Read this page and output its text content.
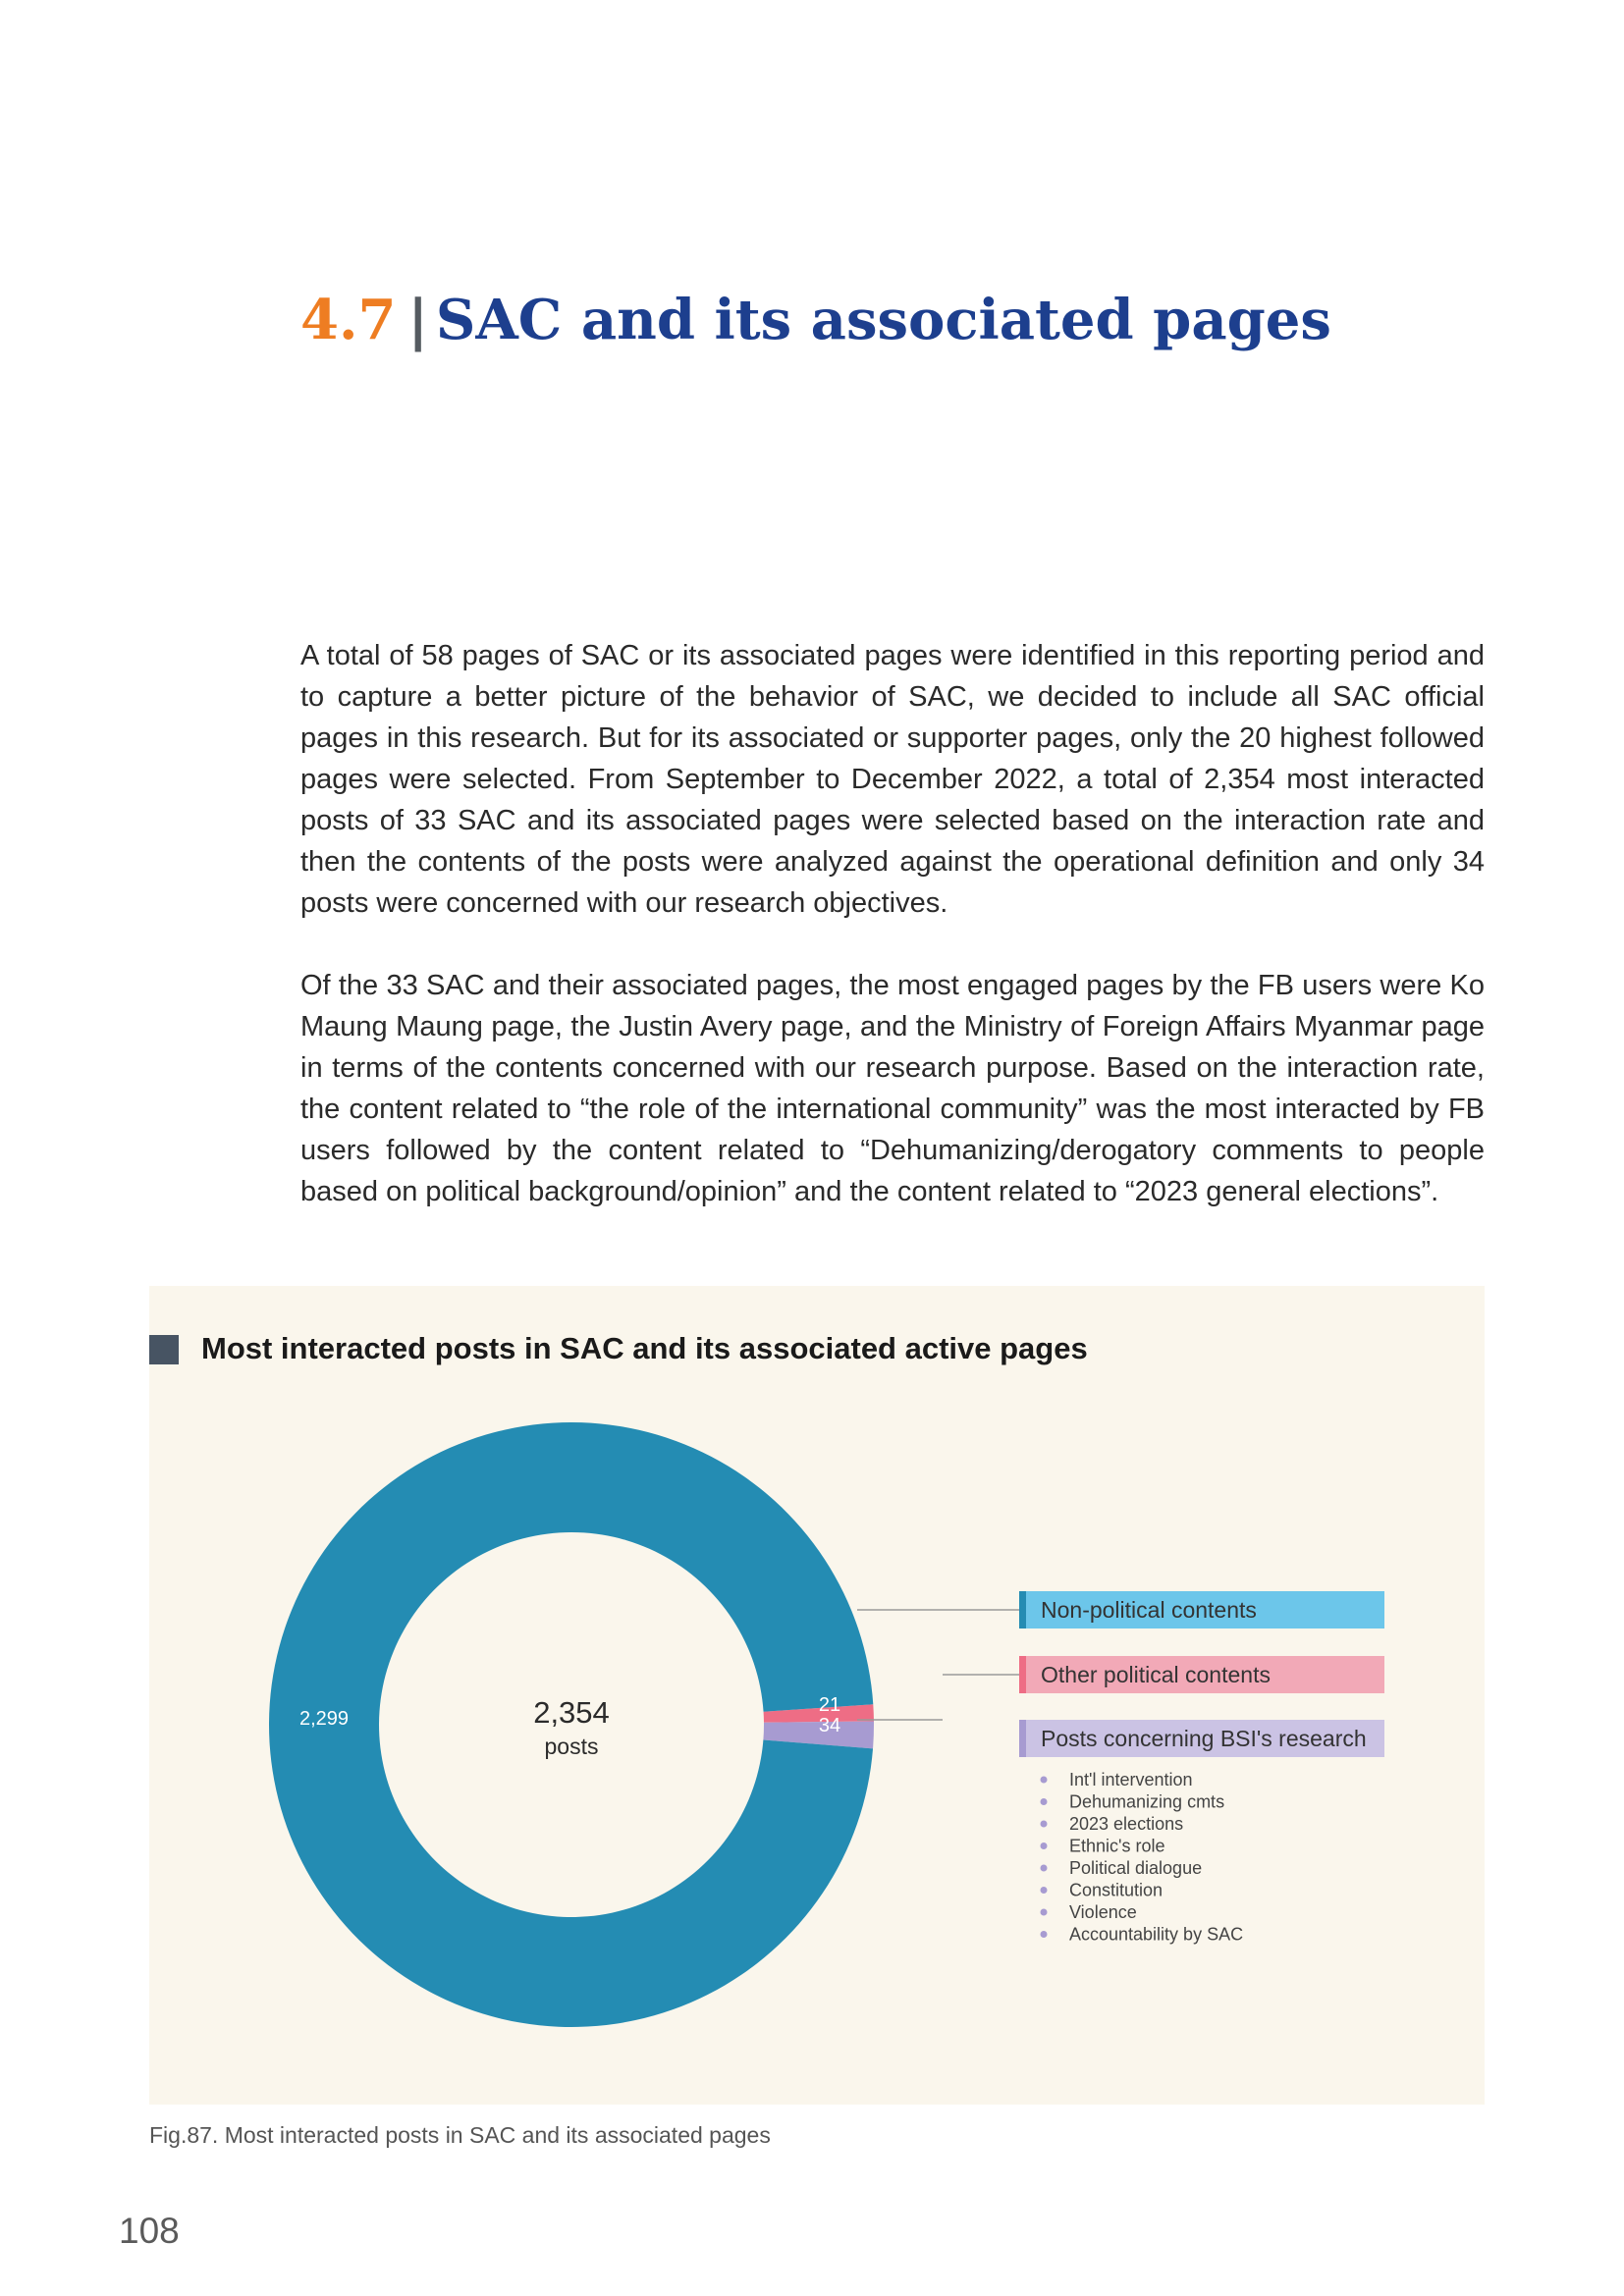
4.7 | SAC and its associated pages

A total of 58 pages of SAC or its associated pages were identified in this reporting period and to capture a better picture of the behavior of SAC, we decided to include all SAC official pages in this research. But for its associated or supporter pages, only the 20 highest followed pages were selected. From September to December 2022, a total of 2,354 most interacted posts of 33 SAC and its associated pages were selected based on the interaction rate and then the contents of the posts were analyzed against the operational definition and only 34 posts were concerned with our research objectives.

Of the 33 SAC and their associated pages, the most engaged pages by the FB users were Ko Maung Maung page, the Justin Avery page, and the Ministry of Foreign Affairs Myanmar page in terms of the contents concerned with our research purpose. Based on the interaction rate, the content related to “the role of the international community” was the most interacted by FB users followed by the content related to “Dehumanizing/derogatory comments to people based on political background/opinion” and the content related to “2023 general elections”.

Most interacted posts in SAC and its associated active pages
2,299
21
34
2,354
posts
Non-political contents
Other political contents
Posts concerning BSI's research
Int'l intervention
Dehumanizing cmts
2023 elections
Ethnic's role
Political dialogue
Constitution
Violence
Accountability by SAC

Fig.87. Most interacted posts in SAC and its associated pages

108
